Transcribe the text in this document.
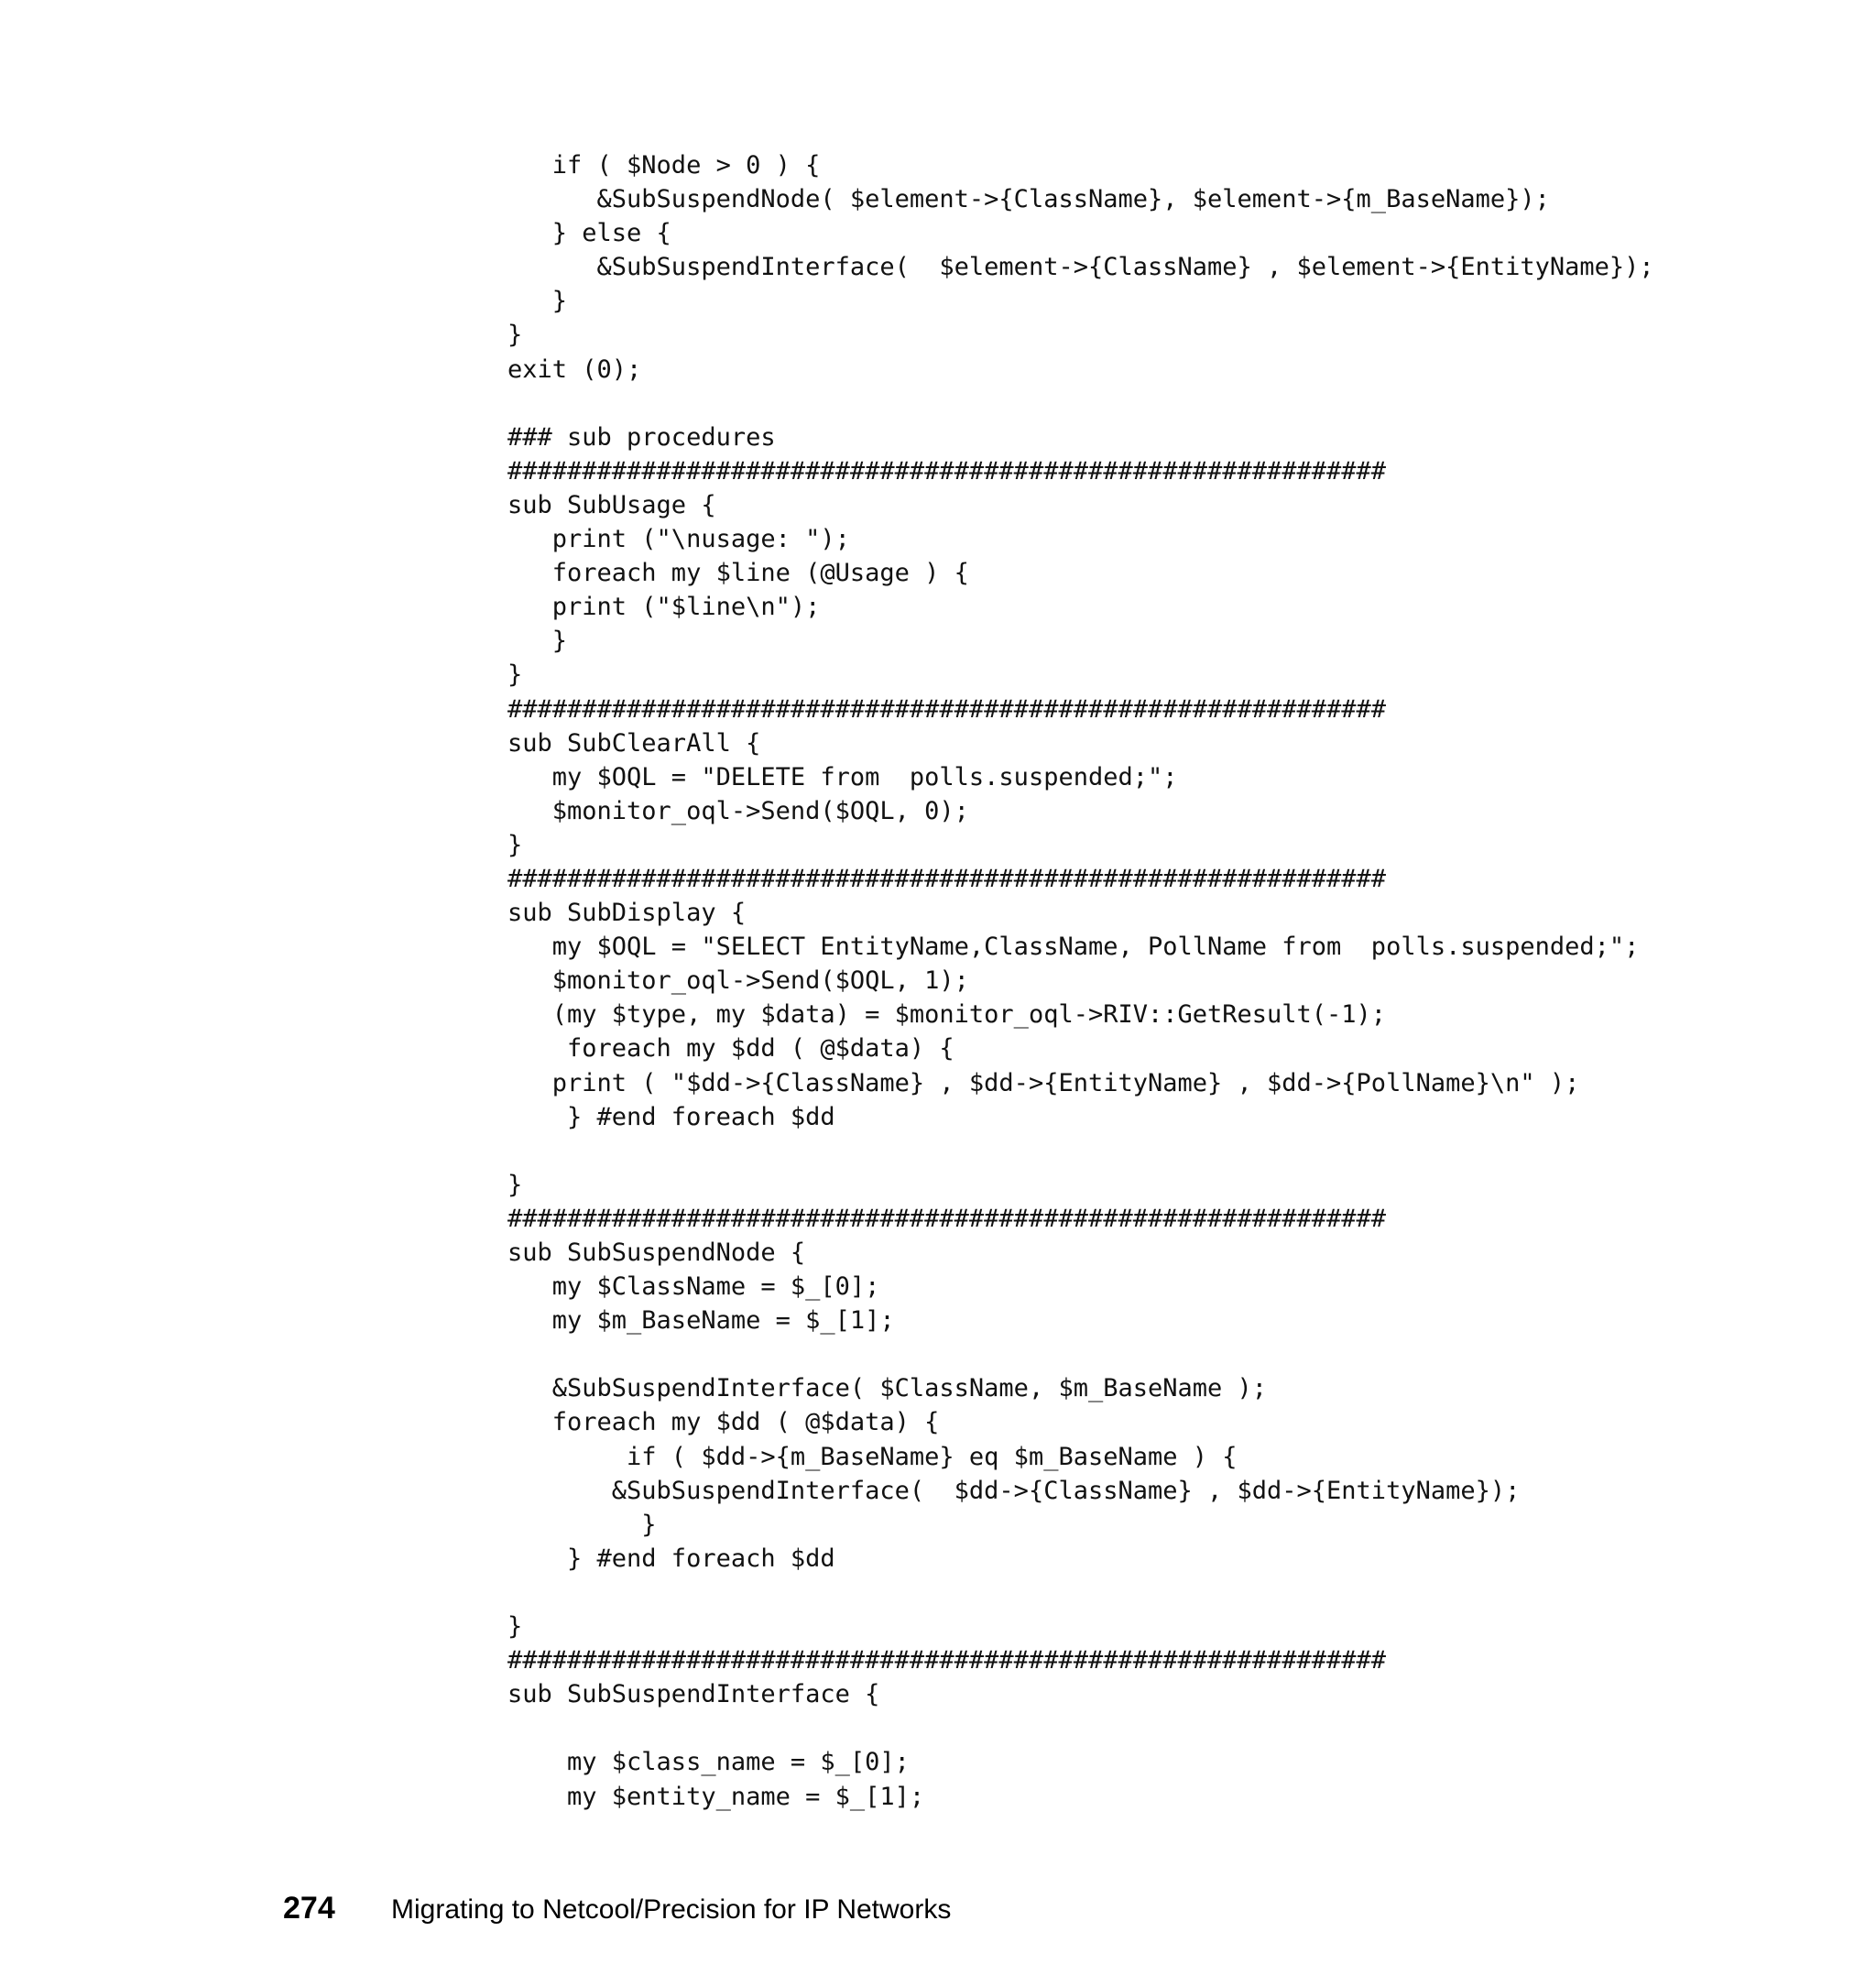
if ( $Node > 0 ) {
&SubSuspendNode( $element->{ClassName}, $element->{m_BaseName});
} else {
&SubSuspendInterface(  $element->{ClassName} , $element->{EntityName});
}
}
exit (0);
### sub procedures
###########################################################
sub SubUsage {
print ("\nusage: ");
foreach my $line (@Usage ) {
print ("$line\n");
}
}
###########################################################
sub SubClearAll {
my $OQL = "DELETE from  polls.suspended;";
$monitor_oql->Send($OQL, 0);
}
###########################################################
sub SubDisplay {
my $OQL = "SELECT EntityName,ClassName, PollName from  polls.suspended;";
$monitor_oql->Send($OQL, 1);
(my $type, my $data) = $monitor_oql->RIV::GetResult(-1);
foreach my $dd ( @$data) {
print ( "$dd->{ClassName} , $dd->{EntityName} , $dd->{PollName}\n" );
} #end foreach $dd
}
###########################################################
sub SubSuspendNode {
my $ClassName = $_[0];
my $m_BaseName = $_[1];
&SubSuspendInterface( $ClassName, $m_BaseName );
foreach my $dd ( @$data) {
if ( $dd->{m_BaseName} eq $m_BaseName ) {
&SubSuspendInterface(  $dd->{ClassName} , $dd->{EntityName});
}
} #end foreach $dd
}
###########################################################
sub SubSuspendInterface {
my $class_name = $_[0];
my $entity_name = $_[1];
274	Migrating to Netcool/Precision for IP Networks
